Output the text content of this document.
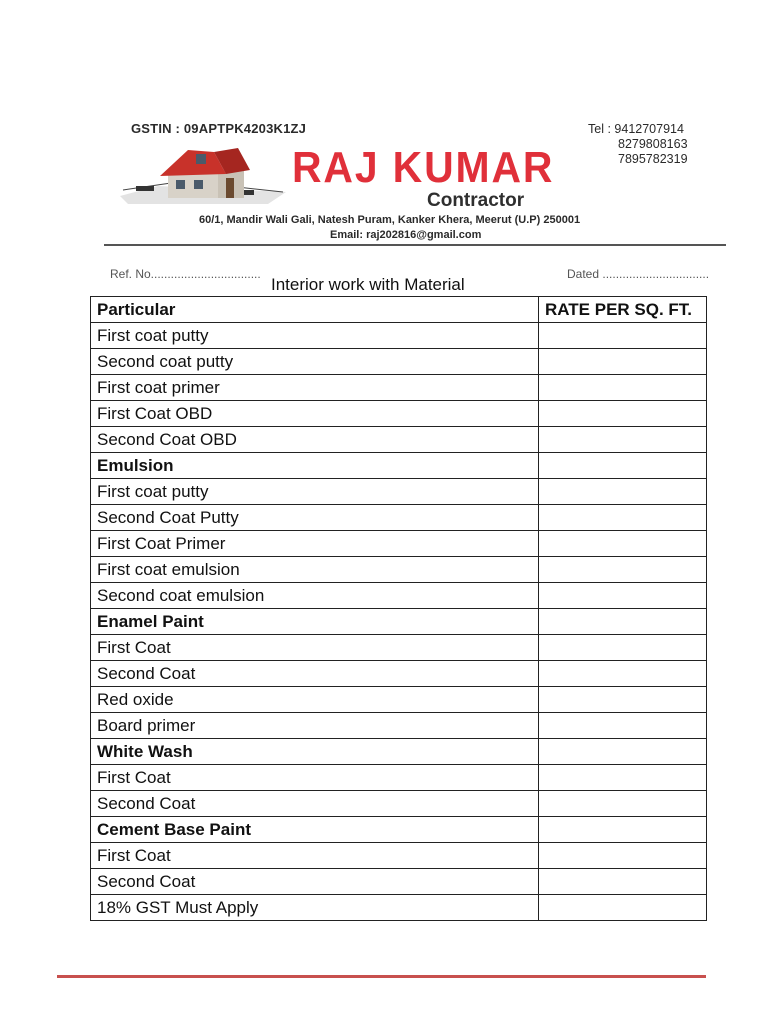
GSTIN : 09APTPK4203K1ZJ	Tel : 9412707914
8279808163
7895782319
RAJ KUMAR
Contractor
60/1, Mandir Wali Gali, Natesh Puram, Kanker Khera, Meerut (U.P) 250001
Email: raj202816@gmail.com
Ref. No.................................	Dated ................................
Interior work with Material
Particular	RATE PER SQ. FT.
First coat putty	
Second coat putty	
First coat primer	
First Coat OBD	
Second Coat OBD	
Emulsion	
First coat putty	
Second Coat Putty	
First Coat Primer	
First coat emulsion	
Second coat emulsion	
Enamel Paint	
First Coat	
Second Coat	
Red oxide	
Board primer	
White Wash	
First Coat	
Second Coat	
Cement Base Paint	
First Coat	
Second Coat	
18% GST Must Apply	
